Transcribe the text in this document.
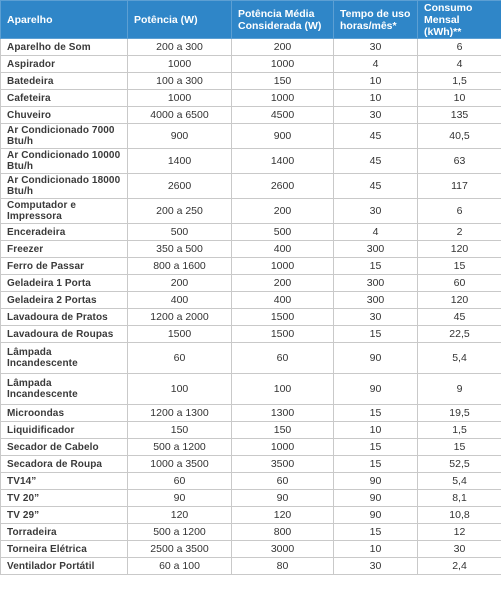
Aparelho	Potência (W)	Potência Média Considerada (W)	Tempo de uso horas/mês*	Consumo Mensal (kWh)**
Aparelho de Som	200 a 300	200	30	6
Aspirador	1000	1000	4	4
Batedeira	100 a 300	150	10	1,5
Cafeteira	1000	1000	10	10
Chuveiro	4000 a 6500	4500	30	135
Ar Condicionado 7000 Btu/h	900	900	45	40,5
Ar Condicionado 10000 Btu/h	1400	1400	45	63
Ar Condicionado 18000 Btu/h	2600	2600	45	117
Computador e Impressora	200 a 250	200	30	6
Enceradeira	500	500	4	2
Freezer	350 a 500	400	300	120
Ferro de Passar	800 a 1600	1000	15	15
Geladeira 1 Porta	200	200	300	60
Geladeira 2 Portas	400	400	300	120
Lavadoura de Pratos	1200 a 2000	1500	30	45
Lavadoura de Roupas	1500	1500	15	22,5
Lâmpada Incandescente	60	60	90	5,4
Lâmpada Incandescente	100	100	90	9
Microondas	1200 a 1300	1300	15	19,5
Liquidificador	150	150	10	1,5
Secador de Cabelo	500 a 1200	1000	15	15
Secadora de Roupa	1000 a 3500	3500	15	52,5
TV14”	60	60	90	5,4
TV 20”	90	90	90	8,1
TV 29”	120	120	90	10,8
Torradeira	500 a 1200	800	15	12
Torneira Elétrica	2500 a 3500	3000	10	30
Ventilador Portátil	60 a 100	80	30	2,4
